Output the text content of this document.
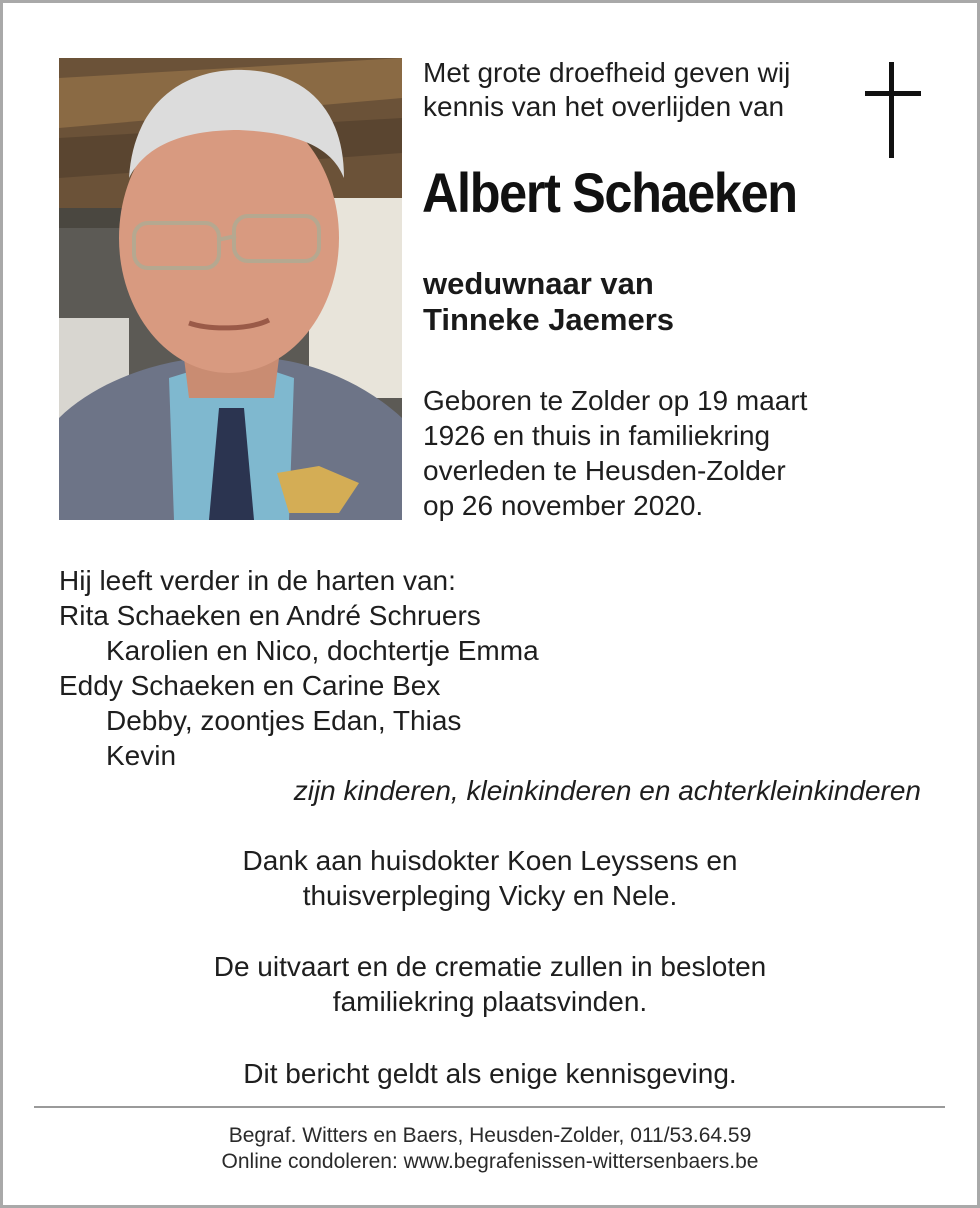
Met grote droefheid geven wij
kennis van het overlijden van
Albert Schaeken
weduwnaar van
Tinneke Jaemers
Geboren te Zolder op 19 maart
1926 en thuis in familiekring
overleden te Heusden-Zolder
op 26 november 2020.
Hij leeft verder in de harten van:
Rita Schaeken en André Schruers
Karolien en Nico, dochtertje Emma
Eddy Schaeken en Carine Bex
Debby, zoontjes Edan, Thias
Kevin
zijn kinderen, kleinkinderen en achterkleinkinderen
Dank aan huisdokter Koen Leyssens en
thuisverpleging Vicky en Nele.
De uitvaart en de crematie zullen in besloten
familiekring plaatsvinden.
Dit bericht geldt als enige kennisgeving.
Begraf. Witters en Baers, Heusden-Zolder, 011/53.64.59
Online condoleren: www.begrafenissen-wittersenbaers.be
